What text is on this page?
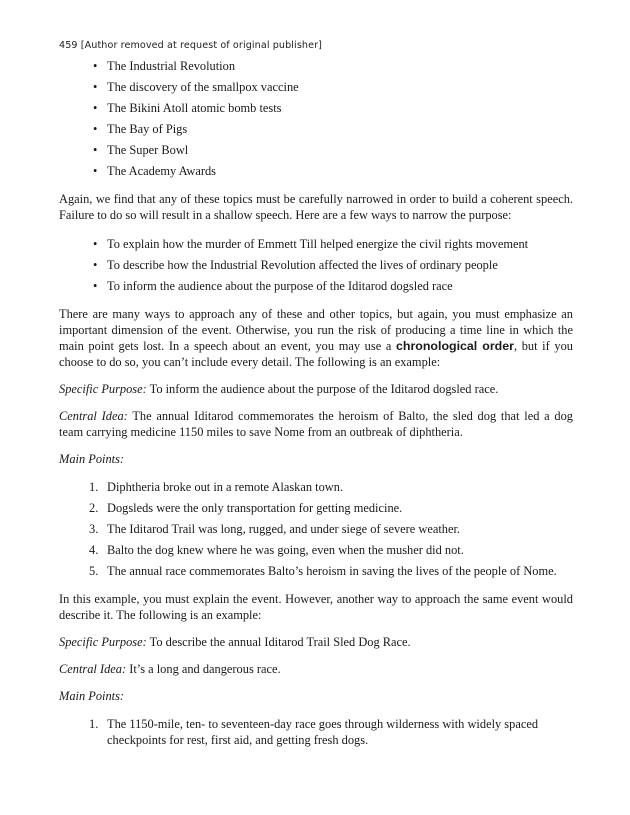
459 [Author removed at request of original publisher]
• The Industrial Revolution
• The discovery of the smallpox vaccine
• The Bikini Atoll atomic bomb tests
• The Bay of Pigs
• The Super Bowl
• The Academy Awards

Again, we find that any of these topics must be carefully narrowed in order to build a coherent speech. Failure to do so will result in a shallow speech. Here are a few ways to narrow the purpose:

• To explain how the murder of Emmett Till helped energize the civil rights movement
• To describe how the Industrial Revolution affected the lives of ordinary people
• To inform the audience about the purpose of the Iditarod dogsled race

There are many ways to approach any of these and other topics, but again, you must emphasize an important dimension of the event. Otherwise, you run the risk of producing a time line in which the main point gets lost. In a speech about an event, you may use a chronological order, but if you choose to do so, you can’t include every detail. The following is an example:

Specific Purpose: To inform the audience about the purpose of the Iditarod dogsled race.

Central Idea: The annual Iditarod commemorates the heroism of Balto, the sled dog that led a dog team carrying medicine 1150 miles to save Nome from an outbreak of diphtheria.

Main Points:

1. Diphtheria broke out in a remote Alaskan town.
2. Dogsleds were the only transportation for getting medicine.
3. The Iditarod Trail was long, rugged, and under siege of severe weather.
4. Balto the dog knew where he was going, even when the musher did not.
5. The annual race commemorates Balto’s heroism in saving the lives of the people of Nome.

In this example, you must explain the event. However, another way to approach the same event would describe it. The following is an example:

Specific Purpose: To describe the annual Iditarod Trail Sled Dog Race.

Central Idea: It’s a long and dangerous race.

Main Points:

1. The 1150-mile, ten- to seventeen-day race goes through wilderness with widely spaced checkpoints for rest, first aid, and getting fresh dogs.
